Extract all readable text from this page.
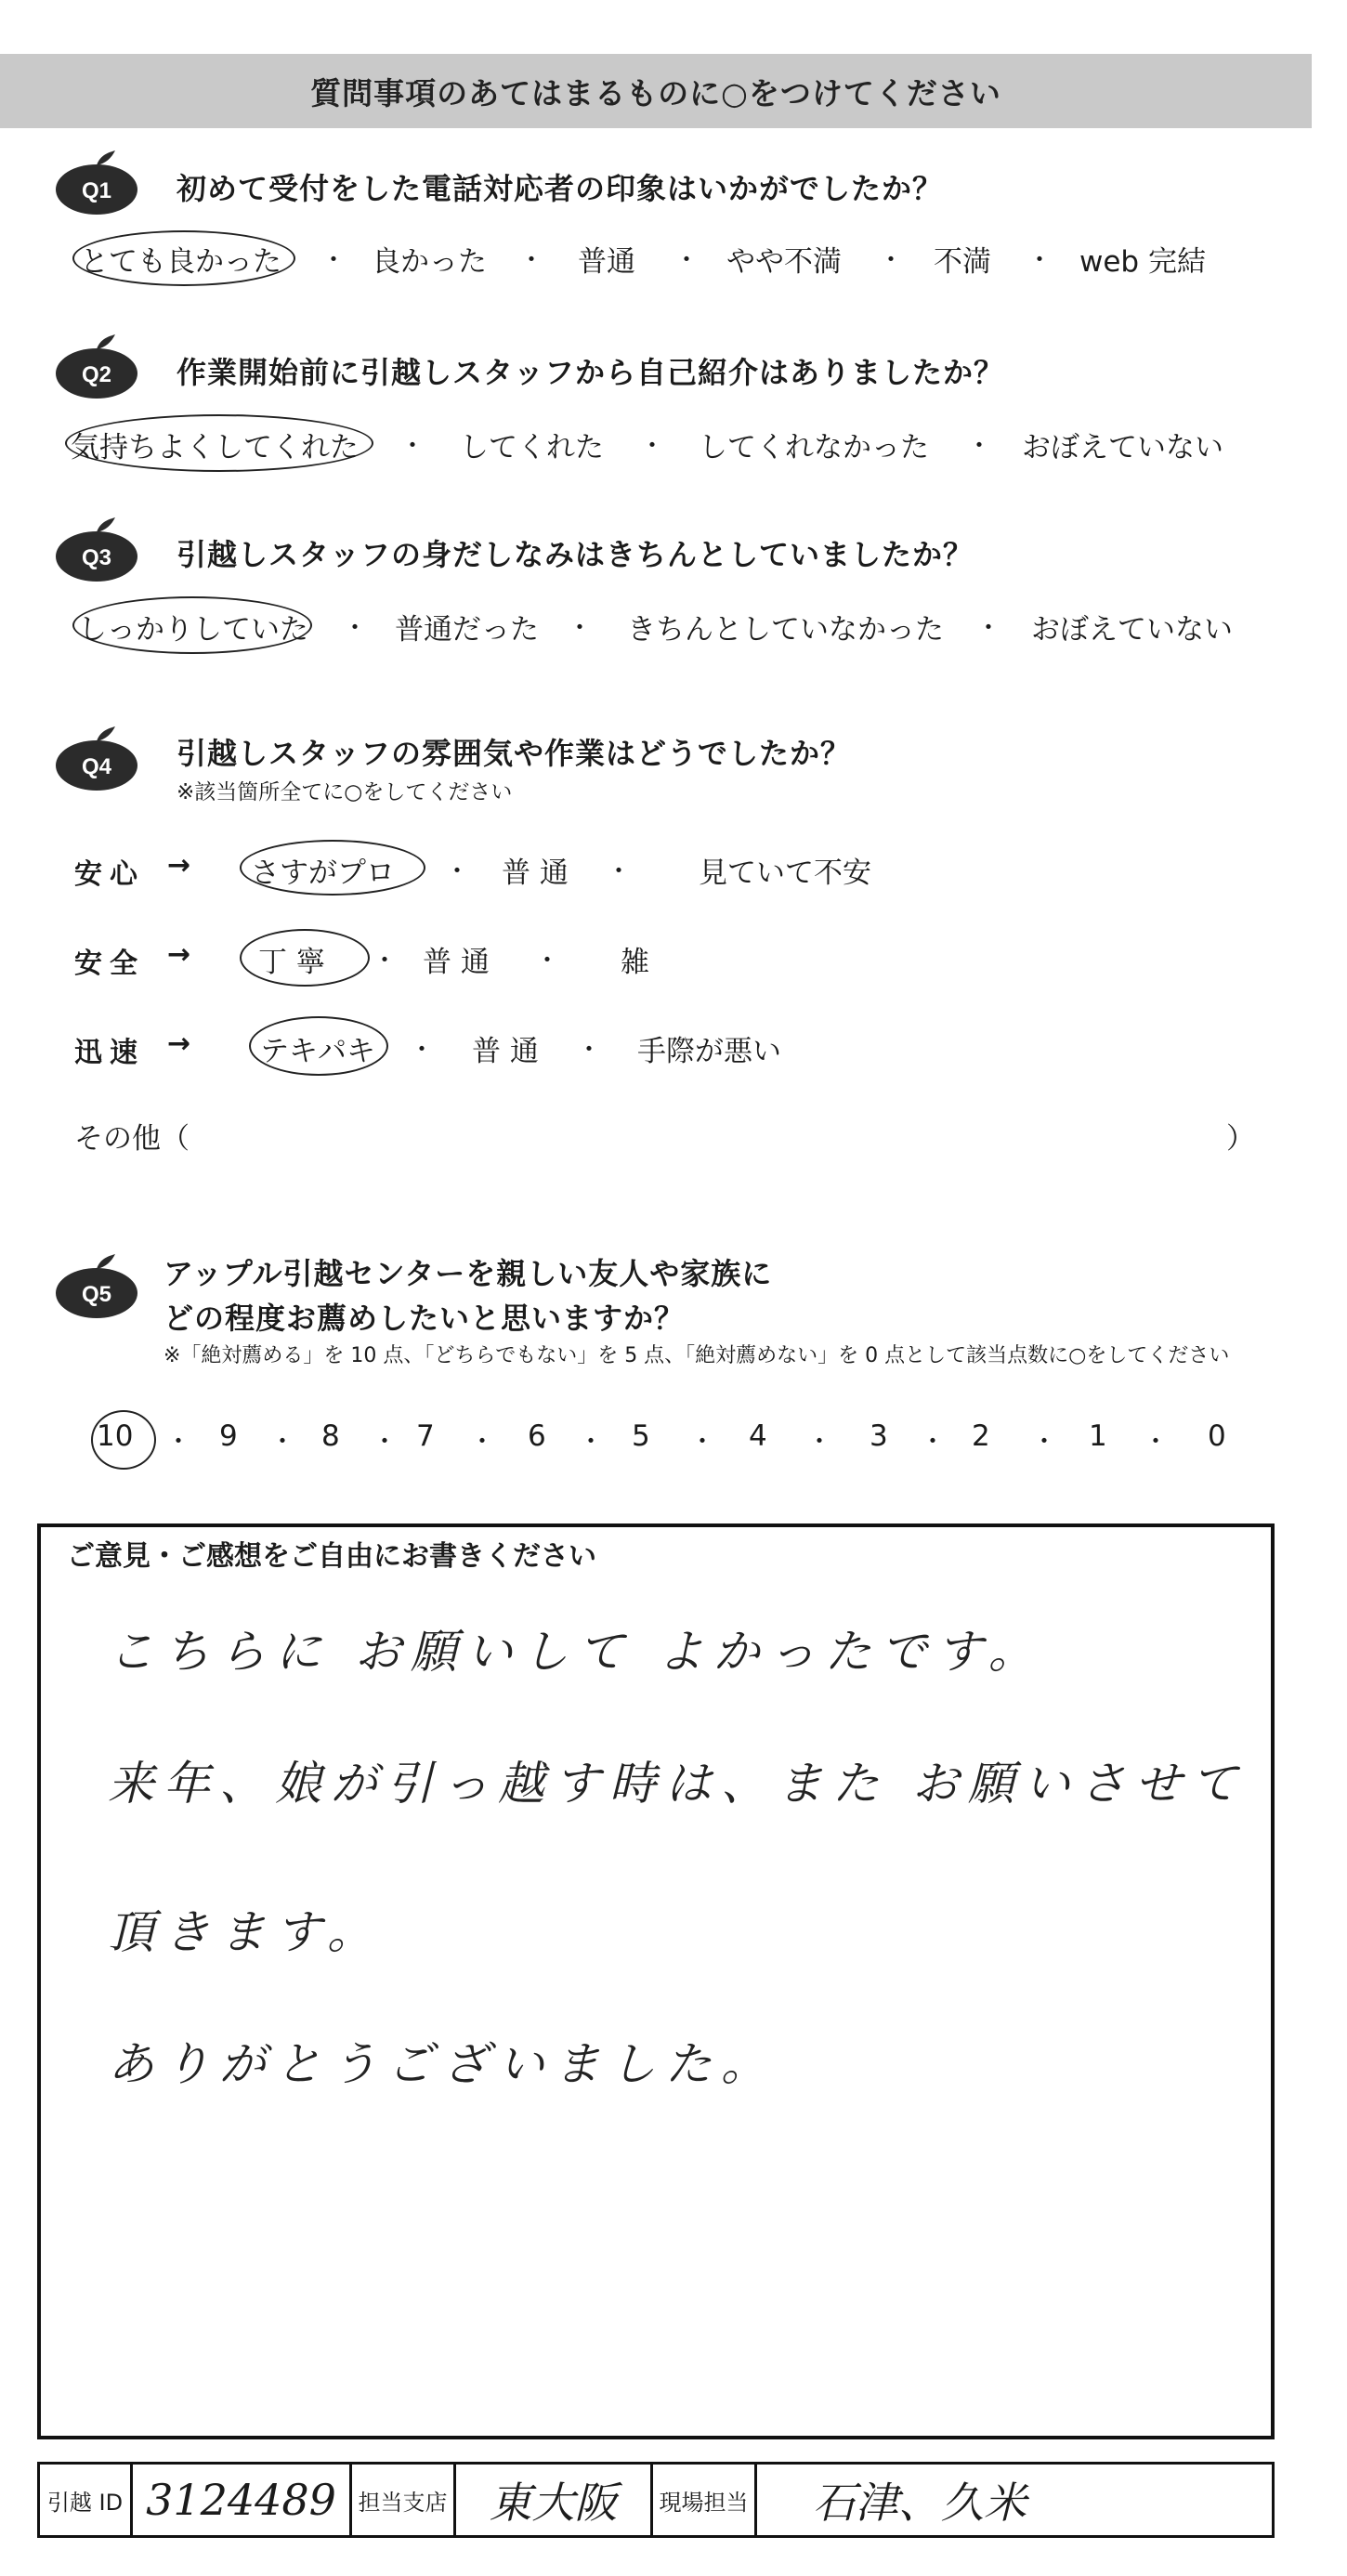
質問事項のあてはまるものに○をつけてください
Q1 初めて受付をした電話対応者の印象はいかがでしたか？
とても良かった ・ 良かった ・ 普通 ・ やや不満 ・ 不満 ・ web 完結
Q2 作業開始前に引越しスタッフから自己紹介はありましたか？
気持ちよくしてくれた ・ してくれた ・ してくれなかった ・ おぼえていない
Q3 引越しスタッフの身だしなみはきちんとしていましたか？
しっかりしていた ・ 普通だった ・ きちんとしていなかった ・ おぼえていない
Q4 引越しスタッフの雰囲気や作業はどうでしたか？
※該当箇所全てに○をしてください
安心 → さすがプロ ・ 普 通 ・ 見ていて不安
安全 → 丁 寧 ・ 普 通 ・ 雑
迅速 → テキパキ ・ 普 通 ・ 手際が悪い
その他（	）
Q5
アップル引越センターを親しい友人や家族に
どの程度お薦めしたいと思いますか？
※「絶対薦める」を 10 点、「どちらでもない」を 5 点、「絶対薦めない」を 0 点として該当点数に○をしてください
10 ・ 9 ・ 8 ・ 7 ・ 6 ・ 5 ・ 4 ・ 3 ・ 2 ・ 1 ・ 0
ご意見・ご感想をご自由にお書きください
こちらに お願いして よかったです。
来年、娘が引っ越す時は、また お願いさせて
頂きます。
ありがとうございました。
引越 ID 3124489 担当支店 東大阪	現場担当	石津、久米
